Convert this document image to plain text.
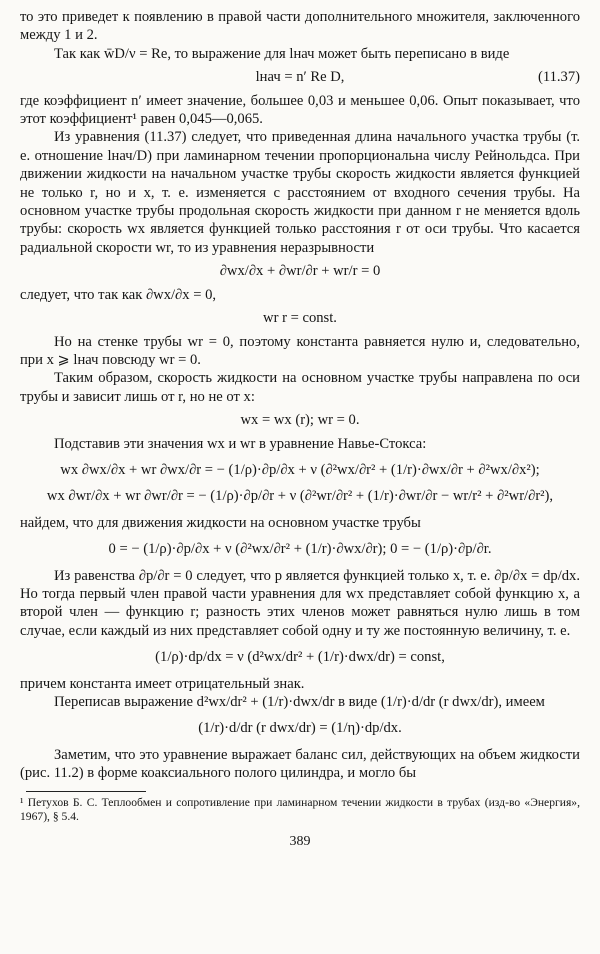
то это приведет к появлению в правой части дополнительного множителя, заключенного между 1 и 2.

Так как w̄D/ν = Re, то выражение для lнач может быть переписано в виде

lнач = n′ Re D,	(11.37)

где коэффициент n′ имеет значение, большее 0,03 и меньшее 0,06. Опыт показывает, что этот коэффициент¹ равен 0,045—0,065.

Из уравнения (11.37) следует, что приведенная длина начального участка трубы (т. е. отношение lнач/D) при ламинарном течении пропорциональна числу Рейнольдса. При движении жидкости на начальном участке трубы скорость жидкости является функцией не только r, но и x, т. е. изменяется с расстоянием от входного сечения трубы. На основном участке трубы продольная скорость жидкости при данном r не меняется вдоль трубы: скорость wx является функцией только расстояния r от оси трубы. Что касается радиальной скорости wr, то из уравнения неразрывности

∂wx/∂x + ∂wr/∂r + wr/r = 0

следует, что так как ∂wx/∂x = 0,

wr r = const.

Но на стенке трубы wr = 0, поэтому константа равняется нулю и, следовательно, при x ⩾ lнач повсюду wr = 0.

Таким образом, скорость жидкости на основном участке трубы направлена по оси трубы и зависит лишь от r, но не от x:

wx = wx (r); wr = 0.

Подставив эти значения wx и wr в уравнение Навье-Стокса:

wx ∂wx/∂x + wr ∂wx/∂r = − (1/ρ)·∂p/∂x + ν (∂²wx/∂r² + (1/r)·∂wx/∂r + ∂²wx/∂x²);
wx ∂wr/∂x + wr ∂wr/∂r = − (1/ρ)·∂p/∂r + ν (∂²wr/∂r² + (1/r)·∂wr/∂r − wr/r² + ∂²wr/∂r²),

найдем, что для движения жидкости на основном участке трубы

0 = − (1/ρ)·∂p/∂x + ν (∂²wx/∂r² + (1/r)·∂wx/∂r); 0 = − (1/ρ)·∂p/∂r.

Из равенства ∂p/∂r = 0 следует, что p является функцией только x, т. е. ∂p/∂x = dp/dx. Но тогда первый член правой части уравнения для wx представляет собой функцию x, а второй член — функцию r; разность этих членов может равняться нулю лишь в том случае, если каждый из них представляет собой одну и ту же постоянную величину, т. е.

(1/ρ)·dp/dx = ν (d²wx/dr² + (1/r)·dwx/dr) = const,

причем константа имеет отрицательный знак.

Переписав выражение d²wx/dr² + (1/r)·dwx/dr в виде (1/r)·d/dr (r dwx/dr), имеем

(1/r)·d/dr (r dwx/dr) = (1/η)·dp/dx.

Заметим, что это уравнение выражает баланс сил, действующих на объем жидкости (рис. 11.2) в форме коаксиального полого цилиндра, и могло бы

¹ Петухов Б. С. Теплообмен и сопротивление при ламинарном течении жидкости в трубах (изд-во «Энергия», 1967), § 5.4.
389
